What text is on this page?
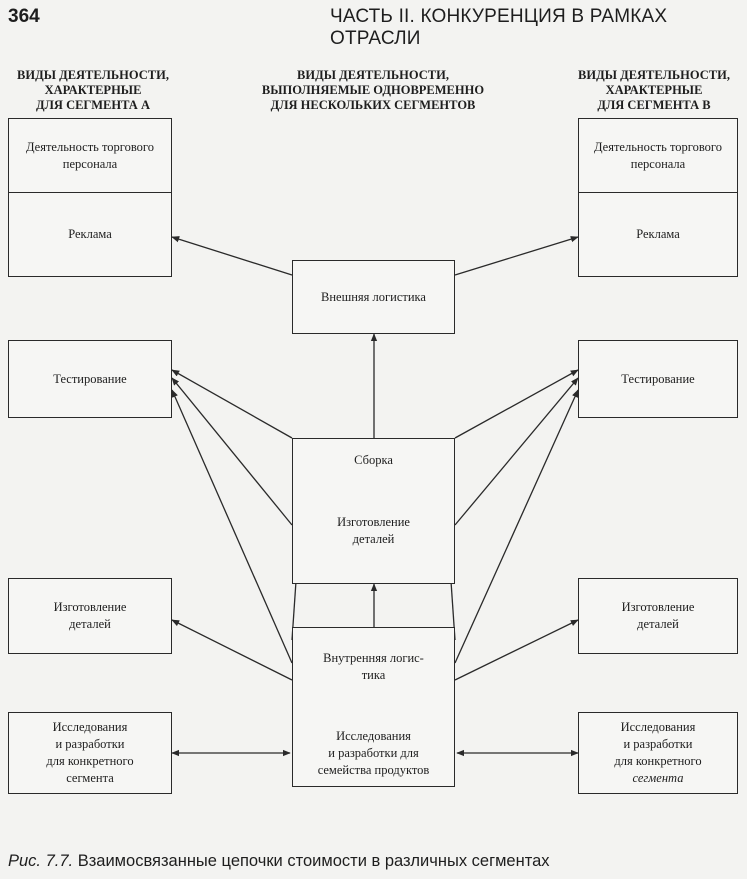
364	ЧАСТЬ II. КОНКУРЕНЦИЯ В РАМКАХ ОТРАСЛИ
ВИДЫ ДЕЯТЕЛЬНОСТИ,
ХАРАКТЕРНЫЕ
ДЛЯ СЕГМЕНТА А
ВИДЫ ДЕЯТЕЛЬНОСТИ,
ВЫПОЛНЯЕМЫЕ ОДНОВРЕМЕННО
ДЛЯ НЕСКОЛЬКИХ СЕГМЕНТОВ
ВИДЫ ДЕЯТЕЛЬНОСТИ,
ХАРАКТЕРНЫЕ
ДЛЯ СЕГМЕНТА В
Деятельность торгового персонала
Реклама
Тестирование
Изготовление
деталей
Исследования
и разработки
для конкретного
сегмента
Внешняя логистика
Сборка
Изготовление
деталей
Внутренняя логис-
тика
Исследования
и разработки для
семейства продуктов
Деятельность торгового персонала
Реклама
Тестирование
Изготовление
деталей
Исследования
и разработки
для конкретного
сегмента
Рис. 7.7. Взаимосвязанные цепочки стоимости в различных сегментах
